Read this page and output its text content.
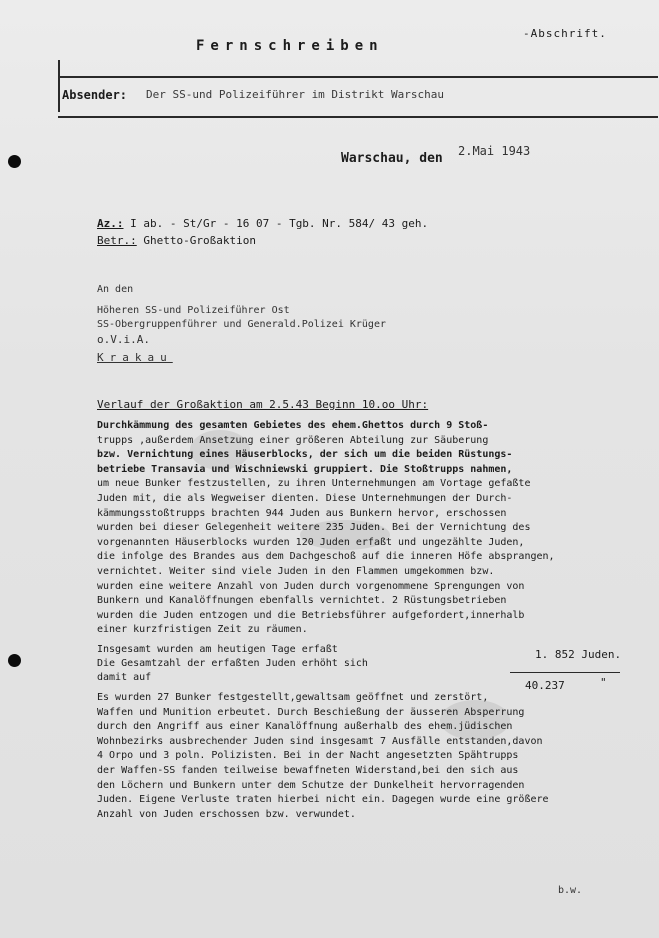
-Abschrift.
Fernschreiben
Absender: Der SS-und Polizeiführer im Distrikt Warschau
Warschau, den 2.Mai 1943
Az.: I ab. - St/Gr - 16 07 - Tgb. Nr. 584/ 43 geh.
Betr.: Ghetto-Großaktion
An den
Höheren SS-und Polizeiführer Ost
SS-Obergruppenführer und Generald.Polizei Krüger
o.V.i.A.
Krakau
Verlauf der Großaktion am 2.5.43 Beginn 10.oo Uhr:
Durchkämmung des gesamten Gebietes des ehem.Ghettos durch 9 Stoß-
trupps ,außerdem Ansetzung einer größeren Abteilung zur Säuberung
bzw. Vernichtung eines Häuserblocks, der sich um die beiden Rüstungs-
betriebe Transavia und Wischniewski gruppiert. Die Stoßtrupps nahmen,
um neue Bunker festzustellen, zu ihren Unternehmungen am Vortage gefaßte
Juden mit, die als Wegweiser dienten. Diese Unternehmungen der Durch-
kämmungsstoßtrupps brachten 944 Juden aus Bunkern hervor, erschossen
wurden bei dieser Gelegenheit weitere 235 Juden. Bei der Vernichtung des
vorgenannten Häuserblocks wurden 120 Juden erfaßt und ungezählte Juden,
die infolge des Brandes aus dem Dachgeschoß auf die inneren Höfe absprangen,
vernichtet. Weiter sind viele Juden in den Flammen umgekommen bzw.
wurden eine weitere Anzahl von Juden durch vorgenommene Sprengungen von
Bunkern und Kanalöffnungen ebenfalls vernichtet. 2 Rüstungsbetrieben
wurden die Juden entzogen und die Betriebsführer aufgefordert,innerhalb
einer kurzfristigen Zeit zu räumen.
Insgesamt wurden am heutigen Tage erfaßt	1. 852 Juden.
Die Gesamtzahl der erfaßten Juden erhöht sich
damit auf
40.237	"
Es wurden 27 Bunker festgestellt,gewaltsam geöffnet und zerstört,
Waffen und Munition erbeutet. Durch Beschießung der äusseren Absperrung
durch den Angriff aus einer Kanalöffnung außerhalb des ehem.jüdischen
Wohnbezirks ausbrechender Juden sind insgesamt 7 Ausfälle entstanden,davon
4 Orpo und 3 poln. Polizisten. Bei in der Nacht angesetzten Spähtrupps
der Waffen-SS fanden teilweise bewaffneten Widerstand,bei den sich aus
den Löchern und Bunkern unter dem Schutze der Dunkelheit hervorragenden
Juden. Eigene Verluste traten hierbei nicht ein. Dagegen wurde eine größere
Anzahl von Juden erschossen bzw. verwundet.
b.w.
